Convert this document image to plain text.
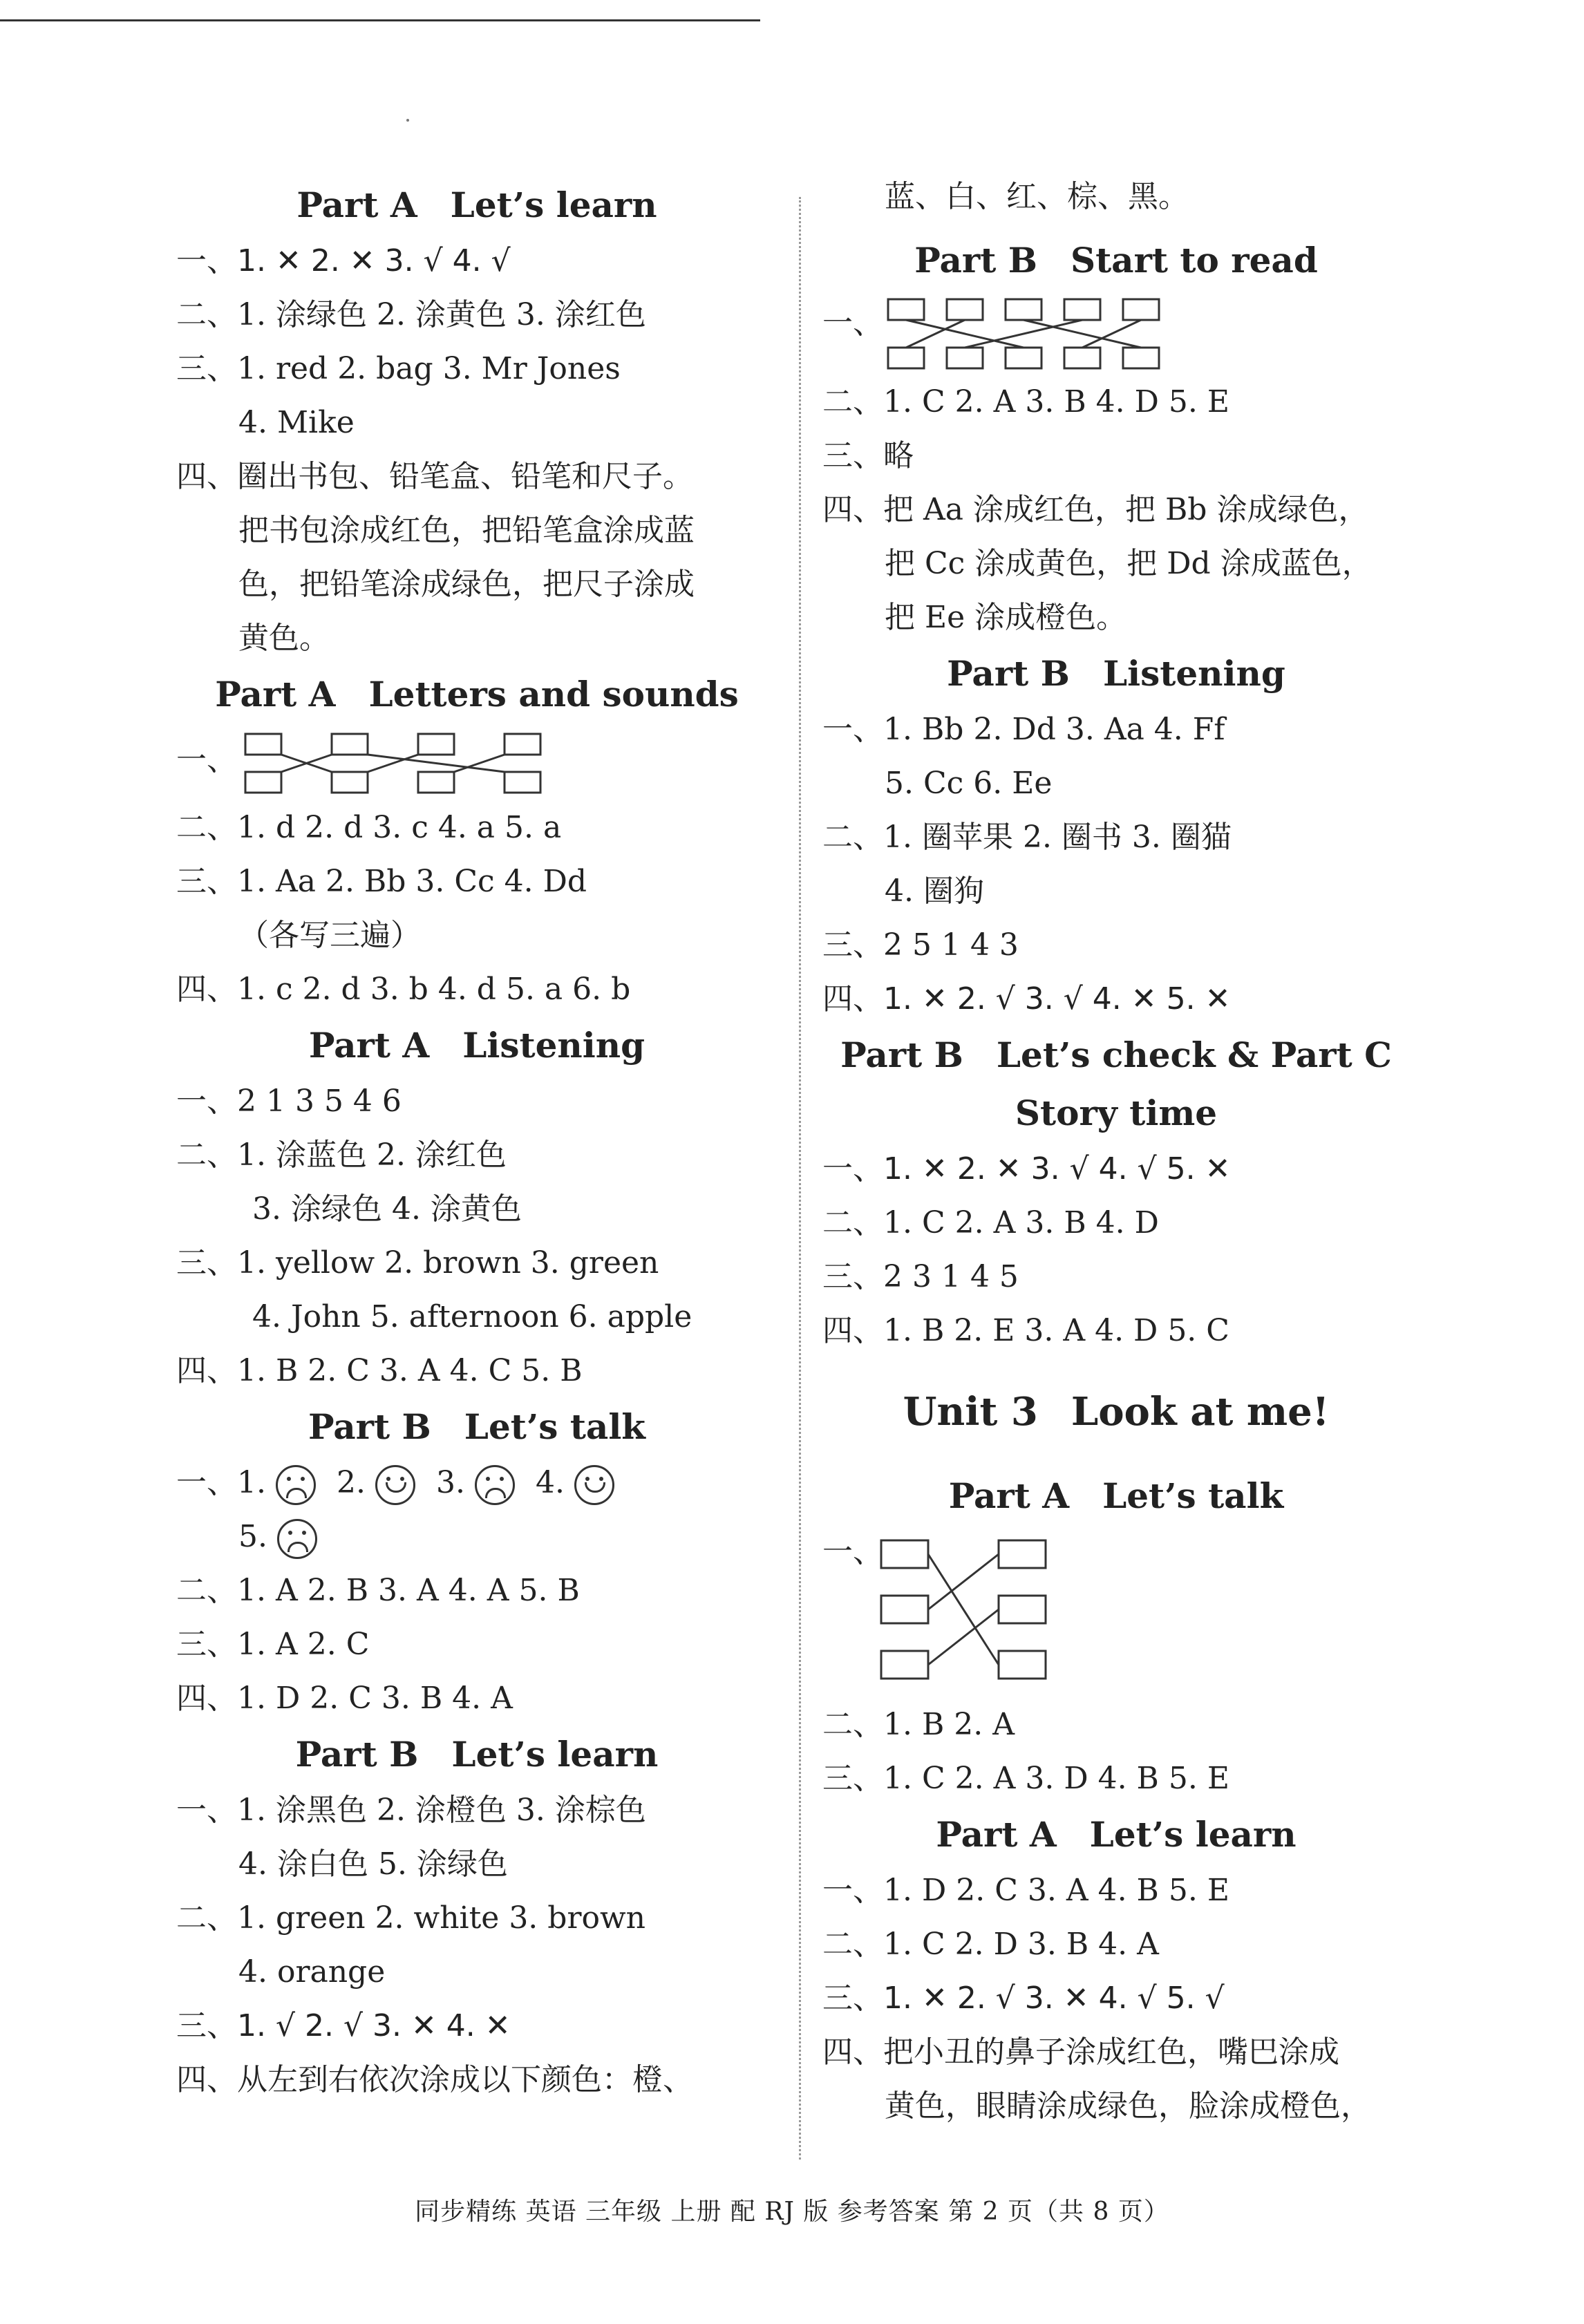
Part A Let’s learn
一、1. ✕ 2. ✕ 3. √ 4. √
二、1. 涂绿色 2. 涂黄色 3. 涂红色
三、1. red 2. bag 3. Mr Jones
4. Mike
四、圈出书包、铅笔盒、铅笔和尺子。
把书包涂成红色，把铅笔盒涂成蓝
色，把铅笔涂成绿色，把尺子涂成
黄色。
Part A Letters and sounds
一、
二、1. d 2. d 3. c 4. a 5. a
三、1. Aa 2. Bb 3. Cc 4. Dd
（各写三遍）
四、1. c 2. d 3. b 4. d 5. a 6. b
Part A Listening
一、2 1 3 5 4 6
二、1. 涂蓝色 2. 涂红色
3. 涂绿色 4. 涂黄色
三、1. yellow 2. brown 3. green
4. John 5. afternoon 6. apple
四、1. B 2. C 3. A 4. C 5. B
Part B Let’s talk
一、1. 2. 3. 4.
5.
二、1. A 2. B 3. A 4. A 5. B
三、1. A 2. C
四、1. D 2. C 3. B 4. A
Part B Let’s learn
一、1. 涂黑色 2. 涂橙色 3. 涂棕色
4. 涂白色 5. 涂绿色
二、1. green 2. white 3. brown
4. orange
三、1. √ 2. √ 3. ✕ 4. ✕
四、从左到右依次涂成以下颜色：橙、
蓝、白、红、棕、黑。
Part B Start to read
一、
二、1. C 2. A 3. B 4. D 5. E
三、略
四、把 Aa 涂成红色，把 Bb 涂成绿色，
把 Cc 涂成黄色，把 Dd 涂成蓝色，
把 Ee 涂成橙色。
Part B Listening
一、1. Bb 2. Dd 3. Aa 4. Ff
5. Cc 6. Ee
二、1. 圈苹果 2. 圈书 3. 圈猫
4. 圈狗
三、2 5 1 4 3
四、1. ✕ 2. √ 3. √ 4. ✕ 5. ✕
Part B Let’s check & Part C
Story time
一、1. ✕ 2. ✕ 3. √ 4. √ 5. ✕
二、1. C 2. A 3. B 4. D
三、2 3 1 4 5
四、1. B 2. E 3. A 4. D 5. C
Unit 3 Look at me!
Part A Let’s talk
一、
二、1. B 2. A
三、1. C 2. A 3. D 4. B 5. E
Part A Let’s learn
一、1. D 2. C 3. A 4. B 5. E
二、1. C 2. D 3. B 4. A
三、1. ✕ 2. √ 3. ✕ 4. √ 5. √
四、把小丑的鼻子涂成红色，嘴巴涂成
黄色，眼睛涂成绿色，脸涂成橙色，
同步精练 英语 三年级 上册 配 RJ 版 参考答案 第 2 页（共 8 页）
